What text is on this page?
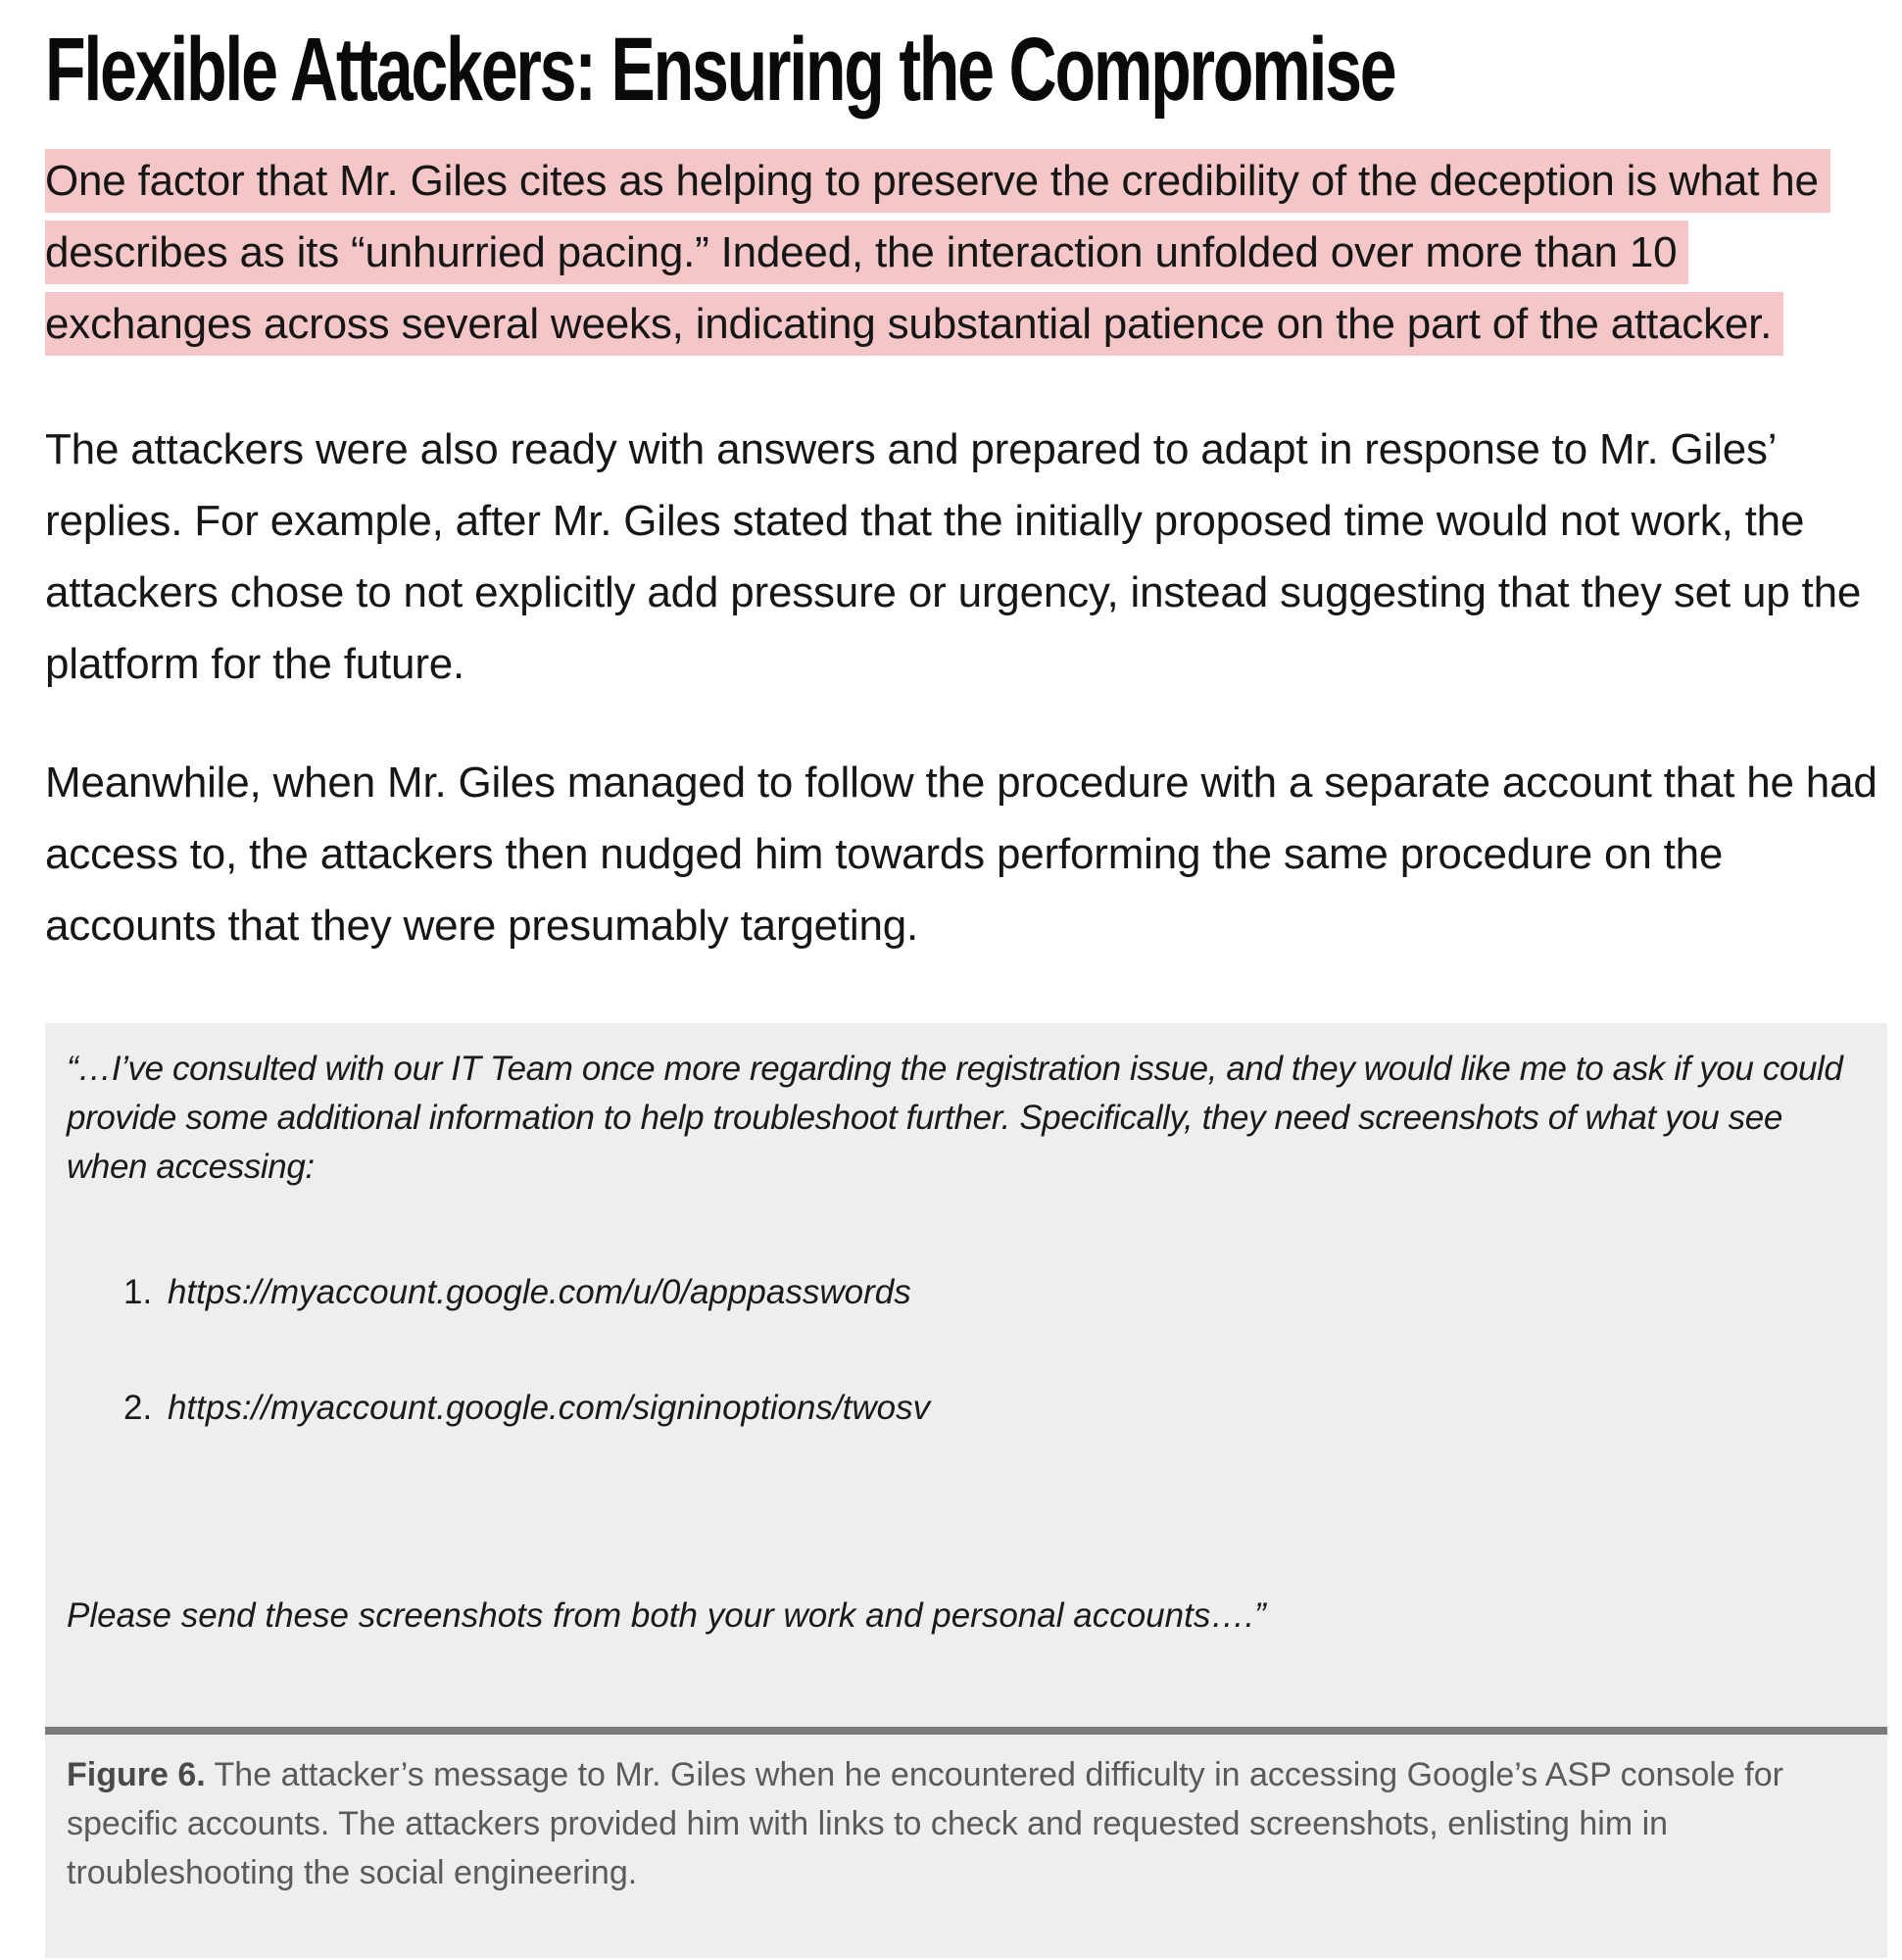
Flexible Attackers: Ensuring the Compromise

One factor that Mr. Giles cites as helping to preserve the credibility of the deception is what he describes as its “unhurried pacing.” Indeed, the interaction unfolded over more than 10 exchanges across several weeks, indicating substantial patience on the part of the attacker.

The attackers were also ready with answers and prepared to adapt in response to Mr. Giles’ replies. For example, after Mr. Giles stated that the initially proposed time would not work, the attackers chose to not explicitly add pressure or urgency, instead suggesting that they set up the platform for the future.

Meanwhile, when Mr. Giles managed to follow the procedure with a separate account that he had access to, the attackers then nudged him towards performing the same procedure on the accounts that they were presumably targeting.

“…I’ve consulted with our IT Team once more regarding the registration issue, and they would like me to ask if you could provide some additional information to help troubleshoot further. Specifically, they need screenshots of what you see when accessing:

1. https://myaccount.google.com/u/0/apppasswords
2. https://myaccount.google.com/signinoptions/twosv

Please send these screenshots from both your work and personal accounts….”

Figure 6. The attacker’s message to Mr. Giles when he encountered difficulty in accessing Google’s ASP console for specific accounts. The attackers provided him with links to check and requested screenshots, enlisting him in troubleshooting the social engineering.
